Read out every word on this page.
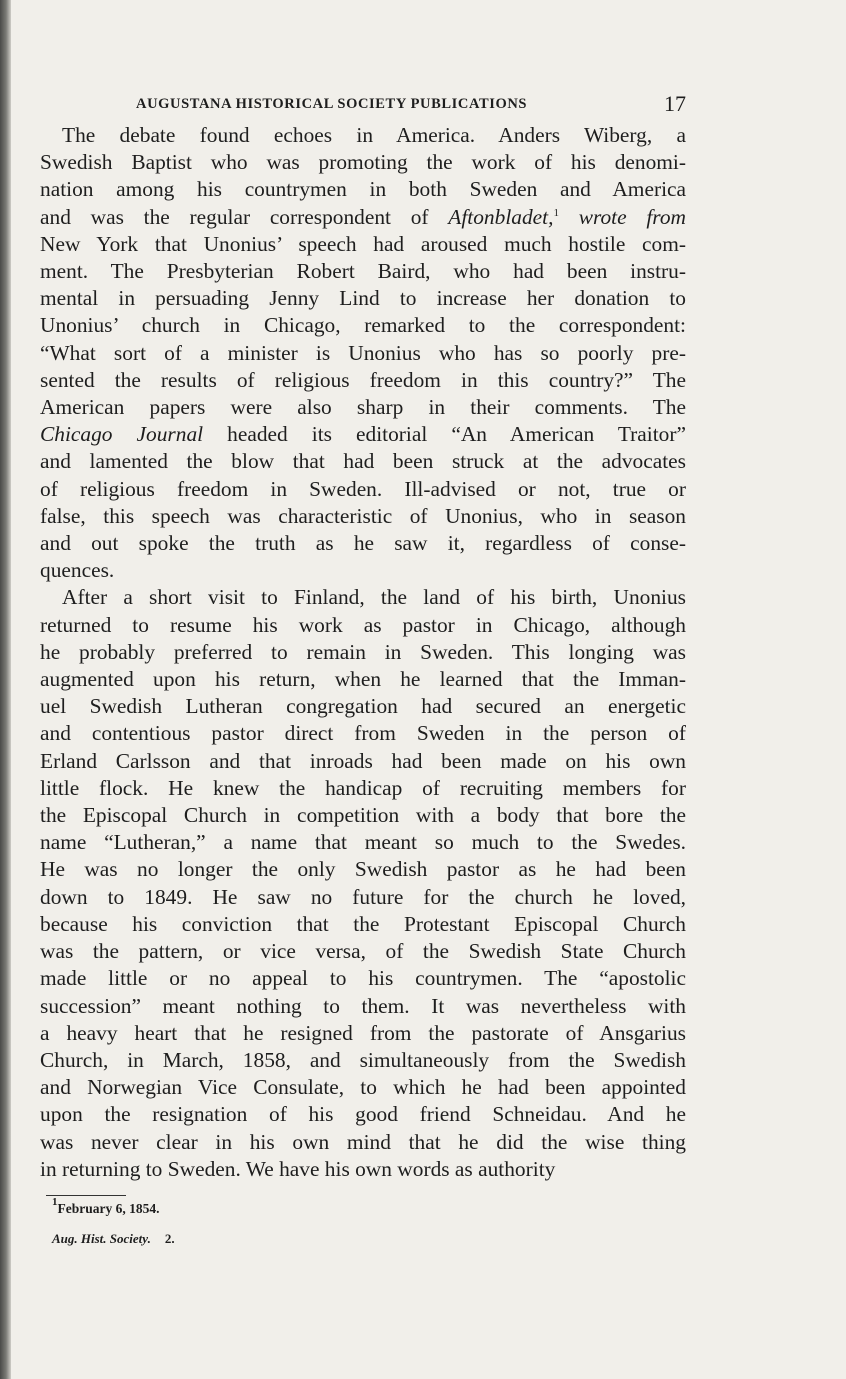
AUGUSTANA HISTORICAL SOCIETY PUBLICATIONS	17

The debate found echoes in America. Anders Wiberg, a
Swedish Baptist who was promoting the work of his denomi-
nation among his countrymen in both Sweden and America
and was the regular correspondent of Aftonbladet,$^1$ wrote from
New York that Unonius’ speech had aroused much hostile com-
ment. The Presbyterian Robert Baird, who had been instru-
mental in persuading Jenny Lind to increase her donation to
Unonius’ church in Chicago, remarked to the correspondent:
“What sort of a minister is Unonius who has so poorly pre-
sented the results of religious freedom in this country?” The
American papers were also sharp in their comments. The
Chicago Journal headed its editorial “An American Traitor”
and lamented the blow that had been struck at the advocates
of religious freedom in Sweden. Ill-advised or not, true or
false, this speech was characteristic of Unonius, who in season
and out spoke the truth as he saw it, regardless of conse-
quences.

After a short visit to Finland, the land of his birth, Unonius
returned to resume his work as pastor in Chicago, although
he probably preferred to remain in Sweden. This longing was
augmented upon his return, when he learned that the Imman-
uel Swedish Lutheran congregation had secured an energetic
and contentious pastor direct from Sweden in the person of
Erland Carlsson and that inroads had been made on his own
little flock. He knew the handicap of recruiting members for
the Episcopal Church in competition with a body that bore the
name “Lutheran,” a name that meant so much to the Swedes.
He was no longer the only Swedish pastor as he had been
down to 1849. He saw no future for the church he loved,
because his conviction that the Protestant Episcopal Church
was the pattern, or vice versa, of the Swedish State Church
made little or no appeal to his countrymen. The “apostolic
succession” meant nothing to them. It was nevertheless with
a heavy heart that he resigned from the pastorate of Ansgarius
Church, in March, 1858, and simultaneously from the Swedish
and Norwegian Vice Consulate, to which he had been appointed
upon the resignation of his good friend Schneidau. And he
was never clear in his own mind that he did the wise thing
in returning to Sweden. We have his own words as authority

$^1$February 6, 1854.
Aug. Hist. Society. 2.
